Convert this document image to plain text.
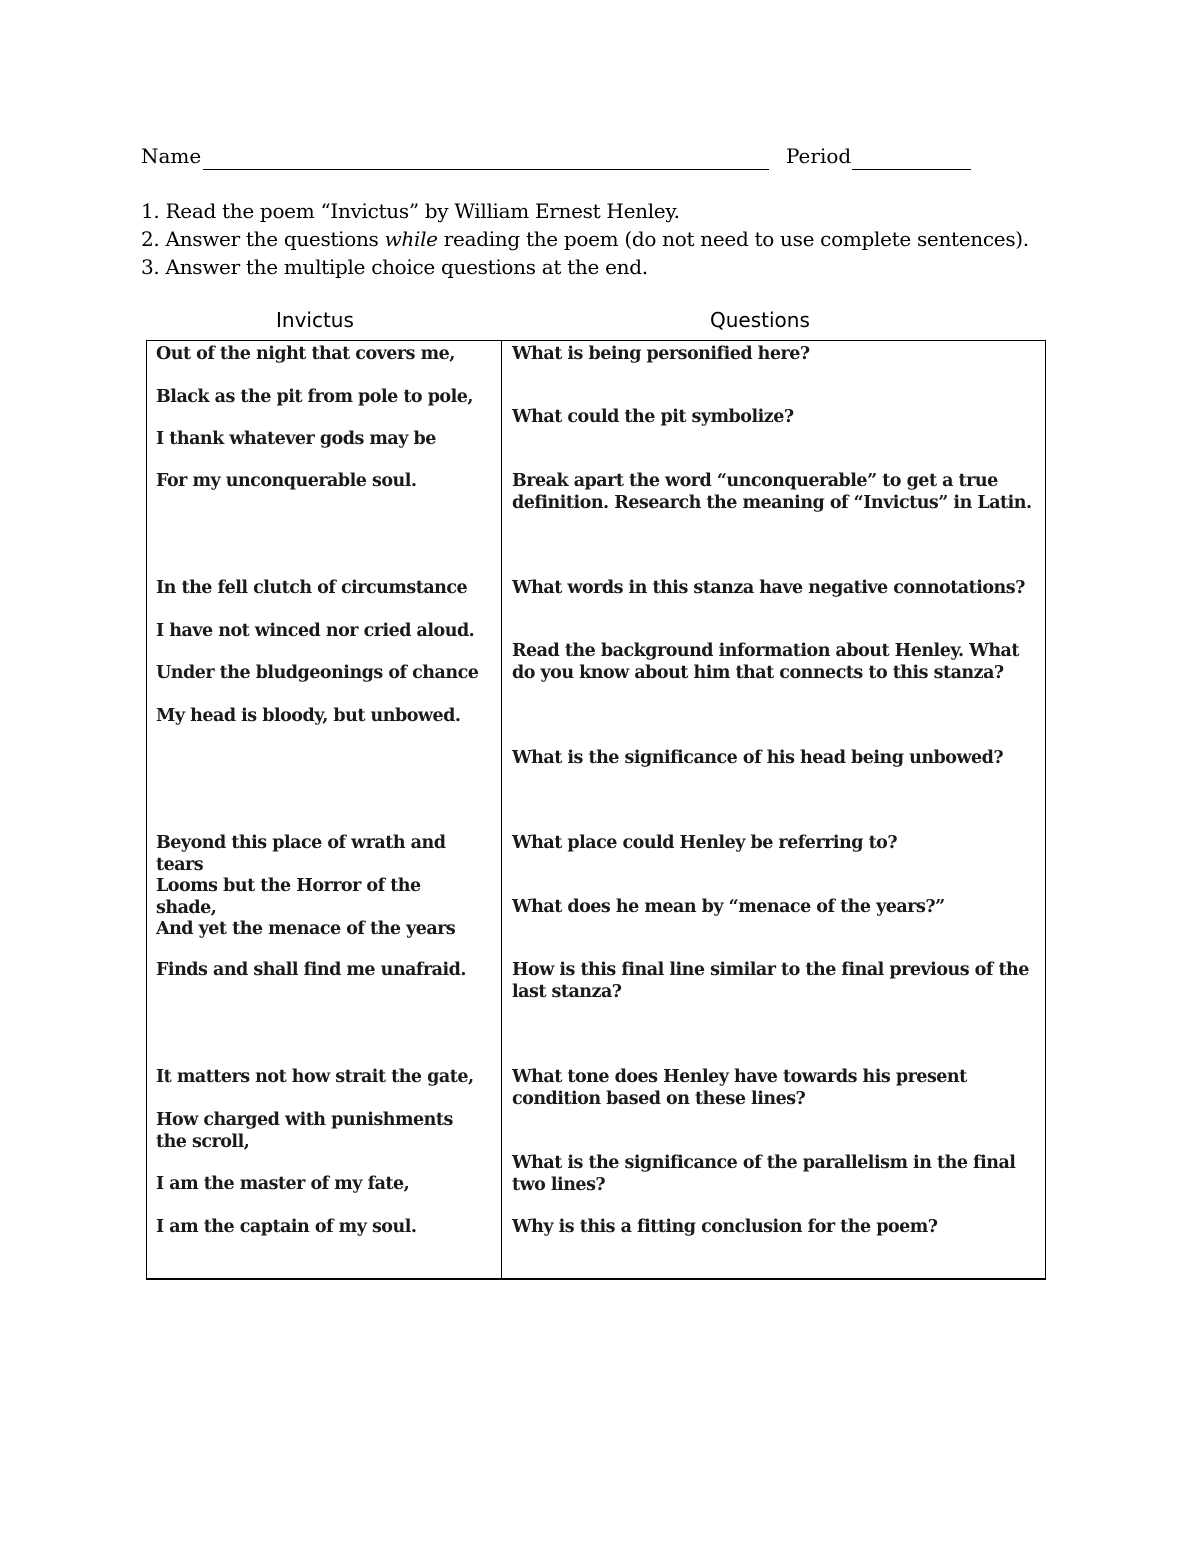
Name	Period
1. Read the poem “Invictus” by William Ernest Henley.
2. Answer the questions while reading the poem (do not need to use complete sentences).
3. Answer the multiple choice questions at the end.
Invictus	Questions
Out of the night that covers me,
Black as the pit from pole to pole,
I thank whatever gods may be
For my unconquerable soul.
In the fell clutch of circumstance
I have not winced nor cried aloud.
Under the bludgeonings of chance
My head is bloody, but unbowed.
Beyond this place of wrath and tears
Looms but the Horror of the shade,
And yet the menace of the years
Finds and shall find me unafraid.
It matters not how strait the gate,
How charged with punishments the scroll,
I am the master of my fate,
I am the captain of my soul.
What is being personified here?
What could the pit symbolize?
Break apart the word “unconquerable” to get a true definition. Research the meaning of “Invictus” in Latin.
What words in this stanza have negative connotations?
Read the background information about Henley. What do you know about him that connects to this stanza?
What is the significance of his head being unbowed?
What place could Henley be referring to?
What does he mean by “menace of the years?”
How is this final line similar to the final previous of the last stanza?
What tone does Henley have towards his present condition based on these lines?
What is the significance of the parallelism in the final two lines?
Why is this a fitting conclusion for the poem?
